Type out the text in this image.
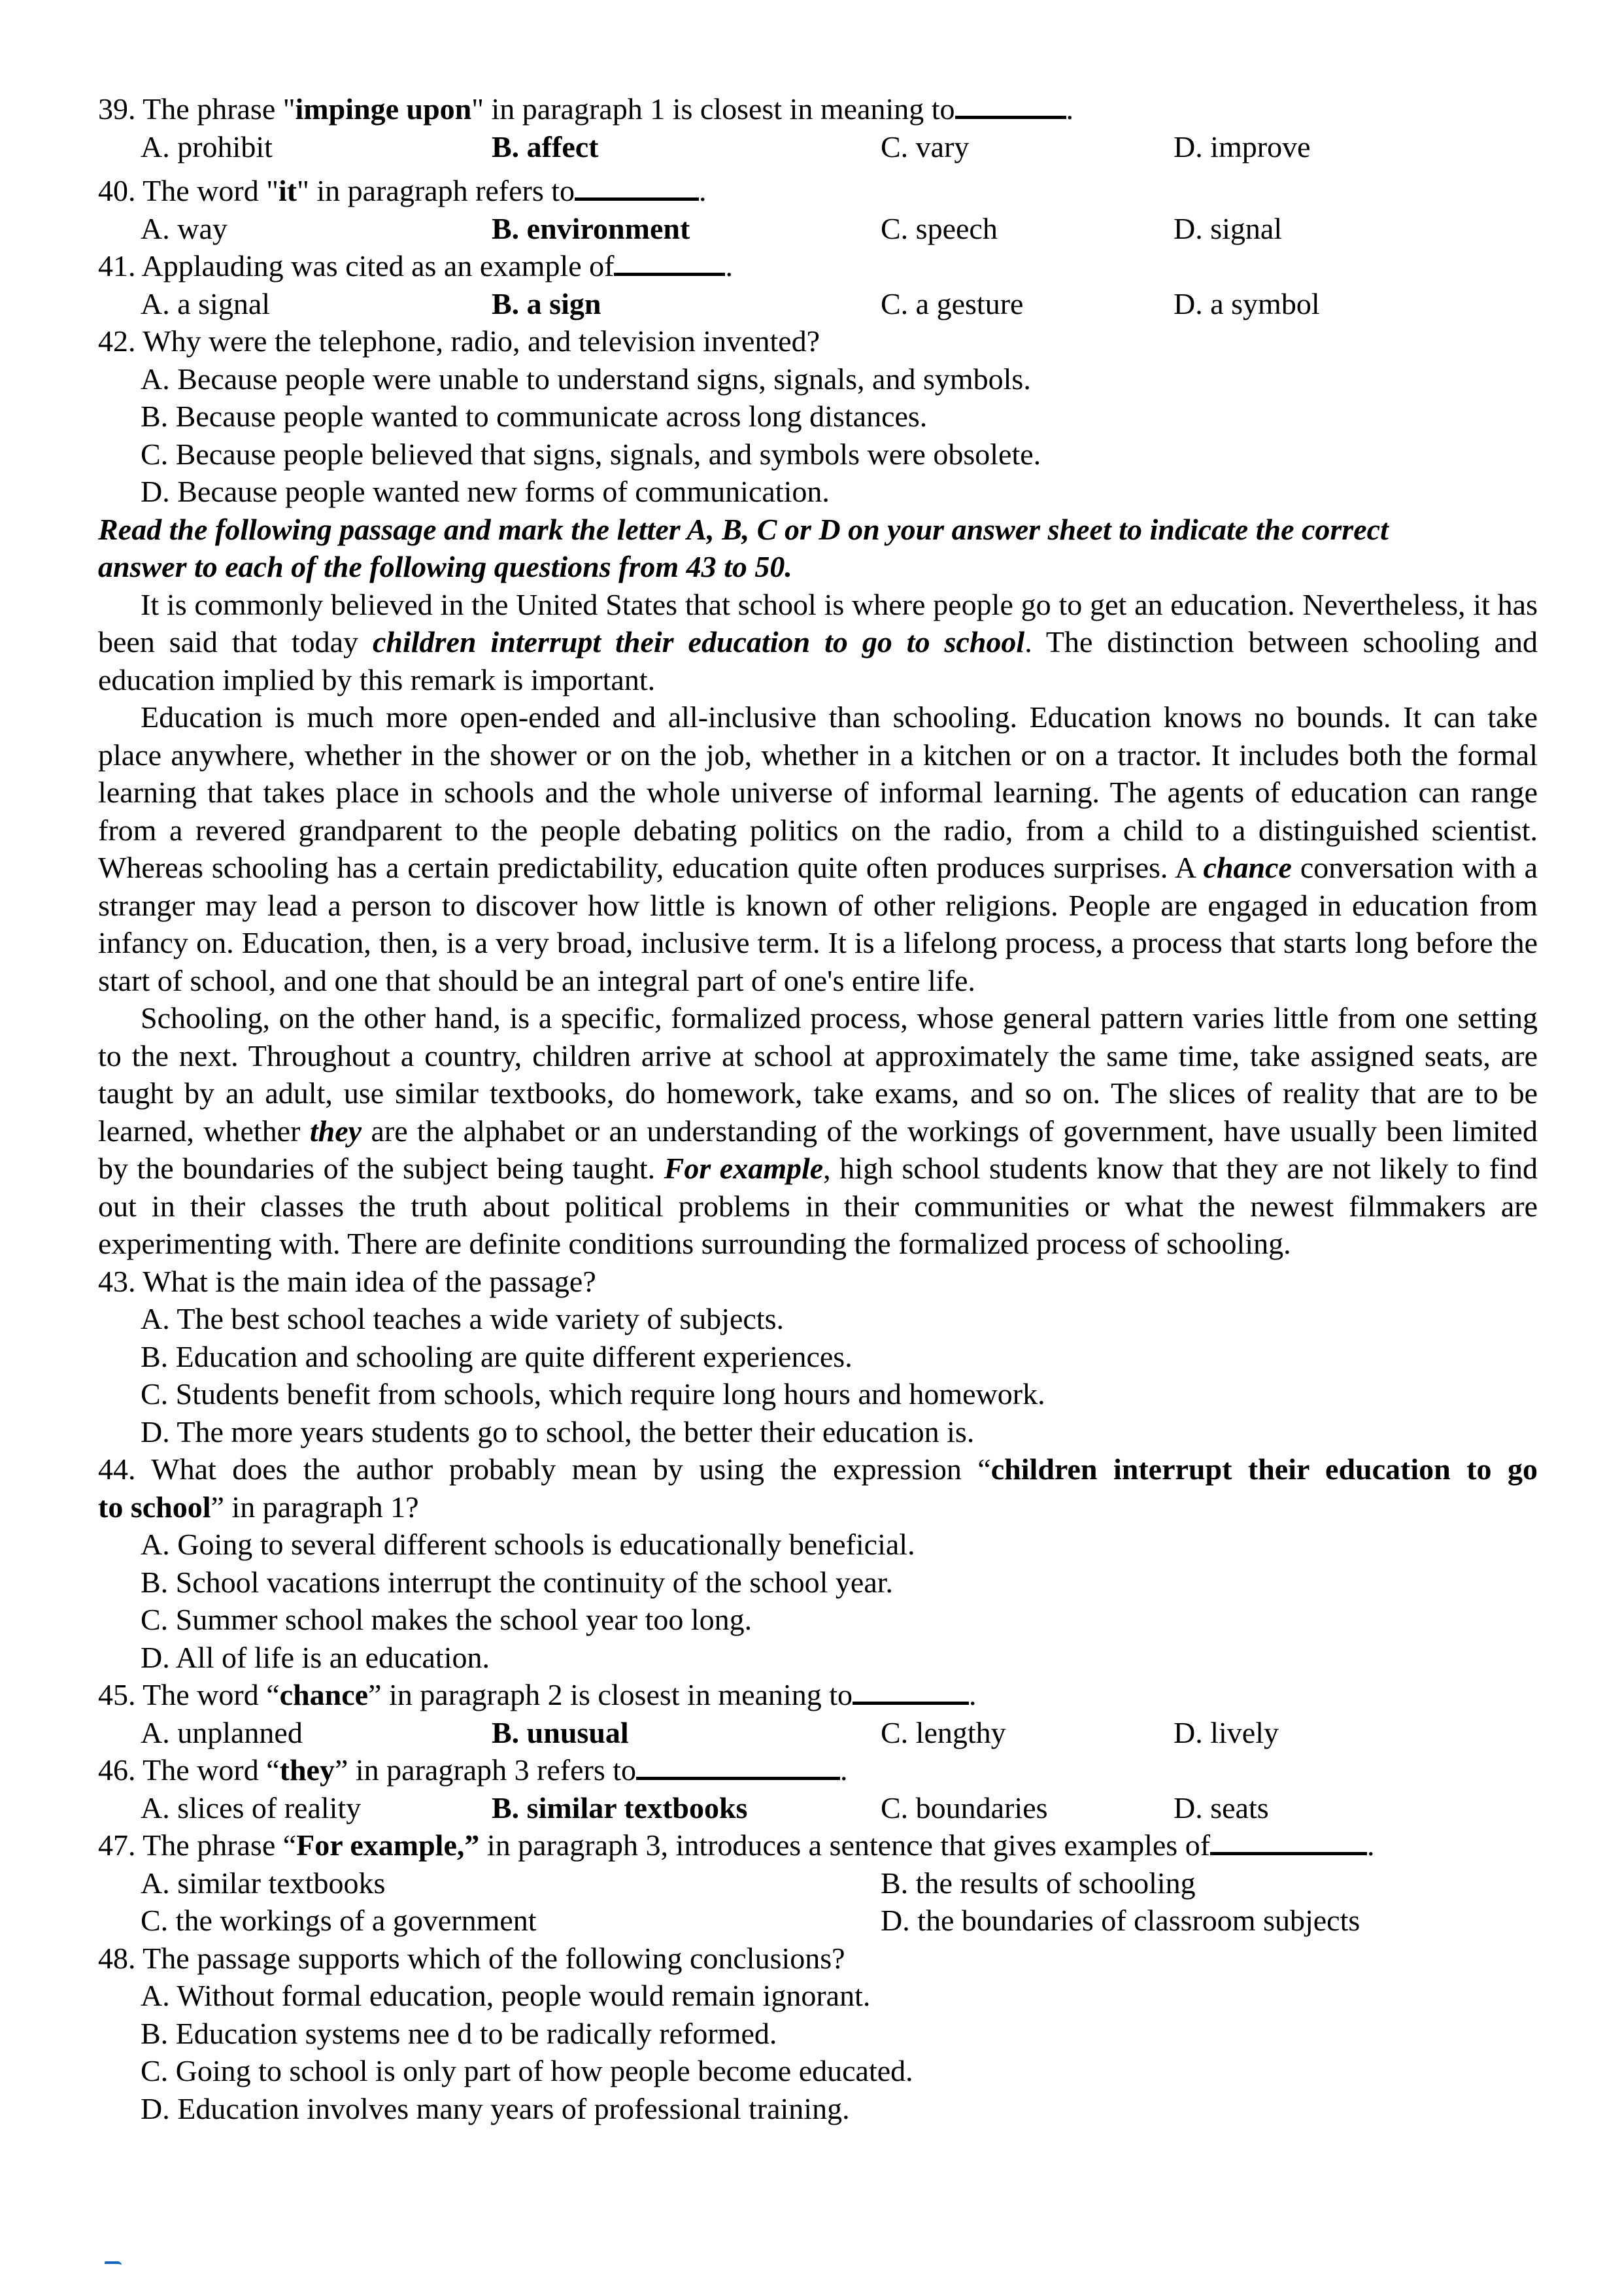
39. The phrase "impinge upon" in paragraph 1 is closest in meaning to	.
A. prohibit	B. affect	C. vary	D. improve
40. The word "it" in paragraph refers to	.
A. way	B. environment	C. speech	D. signal
41. Applauding was cited as an example of	.
A. a signal	B. a sign	C. a gesture	D. a symbol
42. Why were the telephone, radio, and television invented?
A. Because people were unable to understand signs, signals, and symbols.
B. Because people wanted to communicate across long distances.
C. Because people believed that signs, signals, and symbols were obsolete.
D. Because people wanted new forms of communication.
Read the following passage and mark the letter A, B, C or D on your answer sheet to indicate the correct
answer to each of the following questions from 43 to 50.

It is commonly believed in the United States that school is where people go to get an education. Nevertheless, it has been said that today children interrupt their education to go to school. The distinction between schooling and education implied by this remark is important.

Education is much more open-ended and all-inclusive than schooling. Education knows no bounds. It can take place anywhere, whether in the shower or on the job, whether in a kitchen or on a tractor. It includes both the formal learning that takes place in schools and the whole universe of informal learning. The agents of education can range from a revered grandparent to the people debating politics on the radio, from a child to a distinguished scientist. Whereas schooling has a certain predictability, education quite often produces surprises. A chance conversation with a stranger may lead a person to discover how little is known of other religions. People are engaged in education from infancy on. Education, then, is a very broad, inclusive term. It is a lifelong process, a process that starts long before the start of school, and one that should be an integral part of one's entire life.

Schooling, on the other hand, is a specific, formalized process, whose general pattern varies little from one setting to the next. Throughout a country, children arrive at school at approximately the same time, take assigned seats, are taught by an adult, use similar textbooks, do homework, take exams, and so on. The slices of reality that are to be learned, whether they are the alphabet or an understanding of the workings of government, have usually been limited by the boundaries of the subject being taught. For example, high school students know that they are not likely to find out in their classes the truth about political problems in their communities or what the newest filmmakers are experimenting with. There are definite conditions surrounding the formalized process of schooling.

43. What is the main idea of the passage?
A. The best school teaches a wide variety of subjects.
B. Education and schooling are quite different experiences.
C. Students benefit from schools, which require long hours and homework.
D. The more years students go to school, the better their education is.
44. What does the author probably mean by using the expression “children interrupt their education to go
to school” in paragraph 1?
A. Going to several different schools is educationally beneficial.
B. School vacations interrupt the continuity of the school year.
C. Summer school makes the school year too long.
D. All of life is an education.
45. The word “chance” in paragraph 2 is closest in meaning to	.
A. unplanned	B. unusual	C. lengthy	D. lively
46. The word “they” in paragraph 3 refers to	.
A. slices of reality	B. similar textbooks	C. boundaries	D. seats
47. The phrase “For example,” in paragraph 3, introduces a sentence that gives examples of	.
A. similar textbooks	B. the results of schooling
C. the workings of a government	D. the boundaries of classroom subjects
48. The passage supports which of the following conclusions?
A. Without formal education, people would remain ignorant.
B. Education systems nee d to be radically reformed.
C. Going to school is only part of how people become educated.
D. Education involves many years of professional training.
